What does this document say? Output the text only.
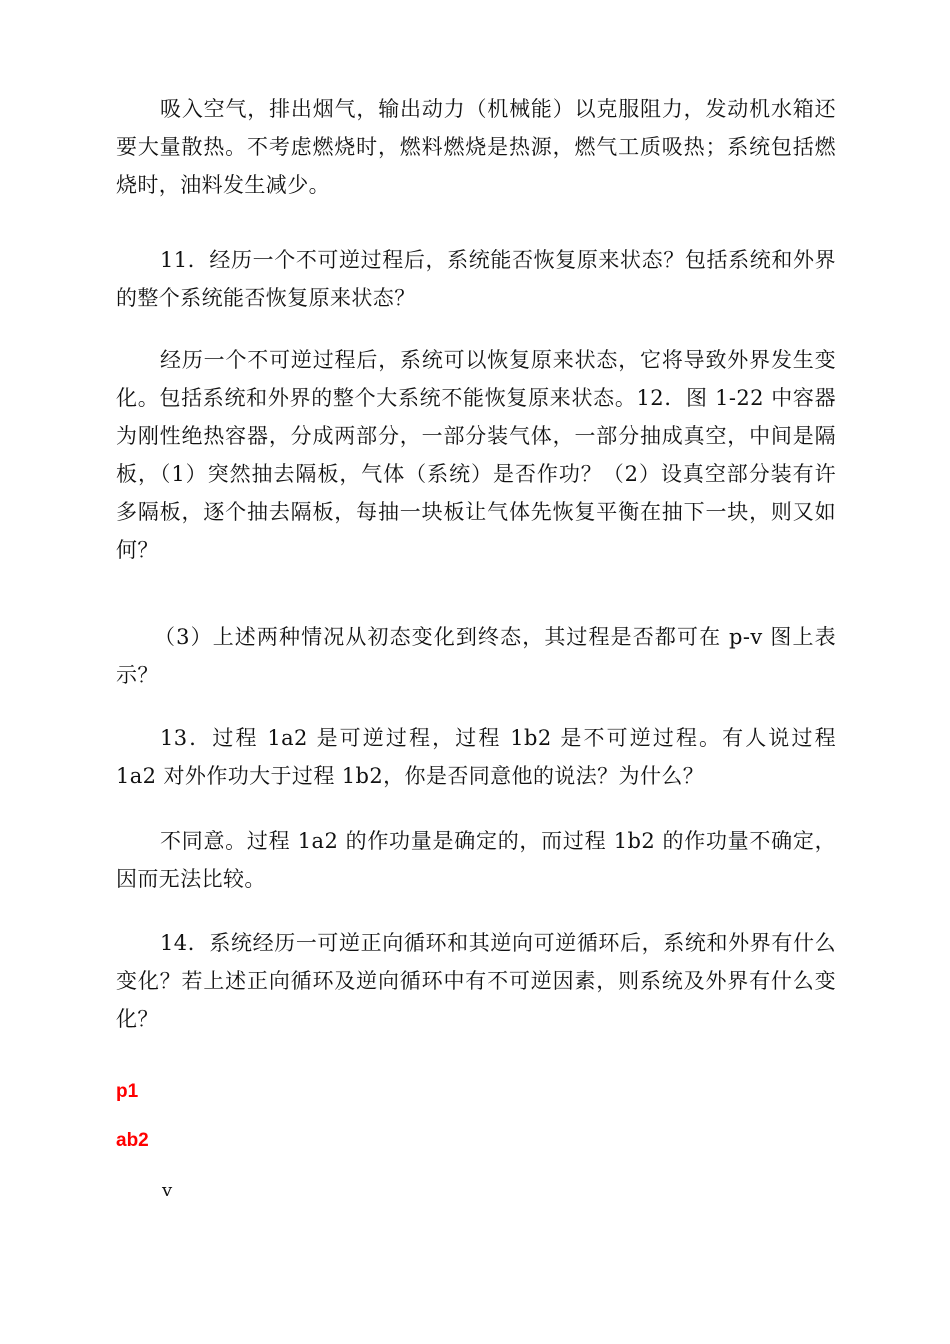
吸入空气，排出烟气，输出动力（机械能）以克服阻力，发动机水箱还要大量散热。不考虑燃烧时，燃料燃烧是热源，燃气工质吸热；系统包括燃烧时，油料发生减少。

11．经历一个不可逆过程后，系统能否恢复原来状态？包括系统和外界的整个系统能否恢复原来状态？

经历一个不可逆过程后，系统可以恢复原来状态，它将导致外界发生变化。包括系统和外界的整个大系统不能恢复原来状态。12．图 1-22 中容器为刚性绝热容器，分成两部分，一部分装气体，一部分抽成真空，中间是隔板，（1）突然抽去隔板，气体（系统）是否作功？（2）设真空部分装有许多隔板，逐个抽去隔板，每抽一块板让气体先恢复平衡在抽下一块，则又如何？

（3）上述两种情况从初态变化到终态，其过程是否都可在 p-v 图上表示？

13．过程 1a2 是可逆过程，过程 1b2 是不可逆过程。有人说过程 1a2 对外作功大于过程 1b2，你是否同意他的说法？为什么？

不同意。过程 1a2 的作功量是确定的，而过程 1b2 的作功量不确定，因而无法比较。

14．系统经历一可逆正向循环和其逆向可逆循环后，系统和外界有什么变化？若上述正向循环及逆向循环中有不可逆因素，则系统及外界有什么变化？

p1

ab2

v
